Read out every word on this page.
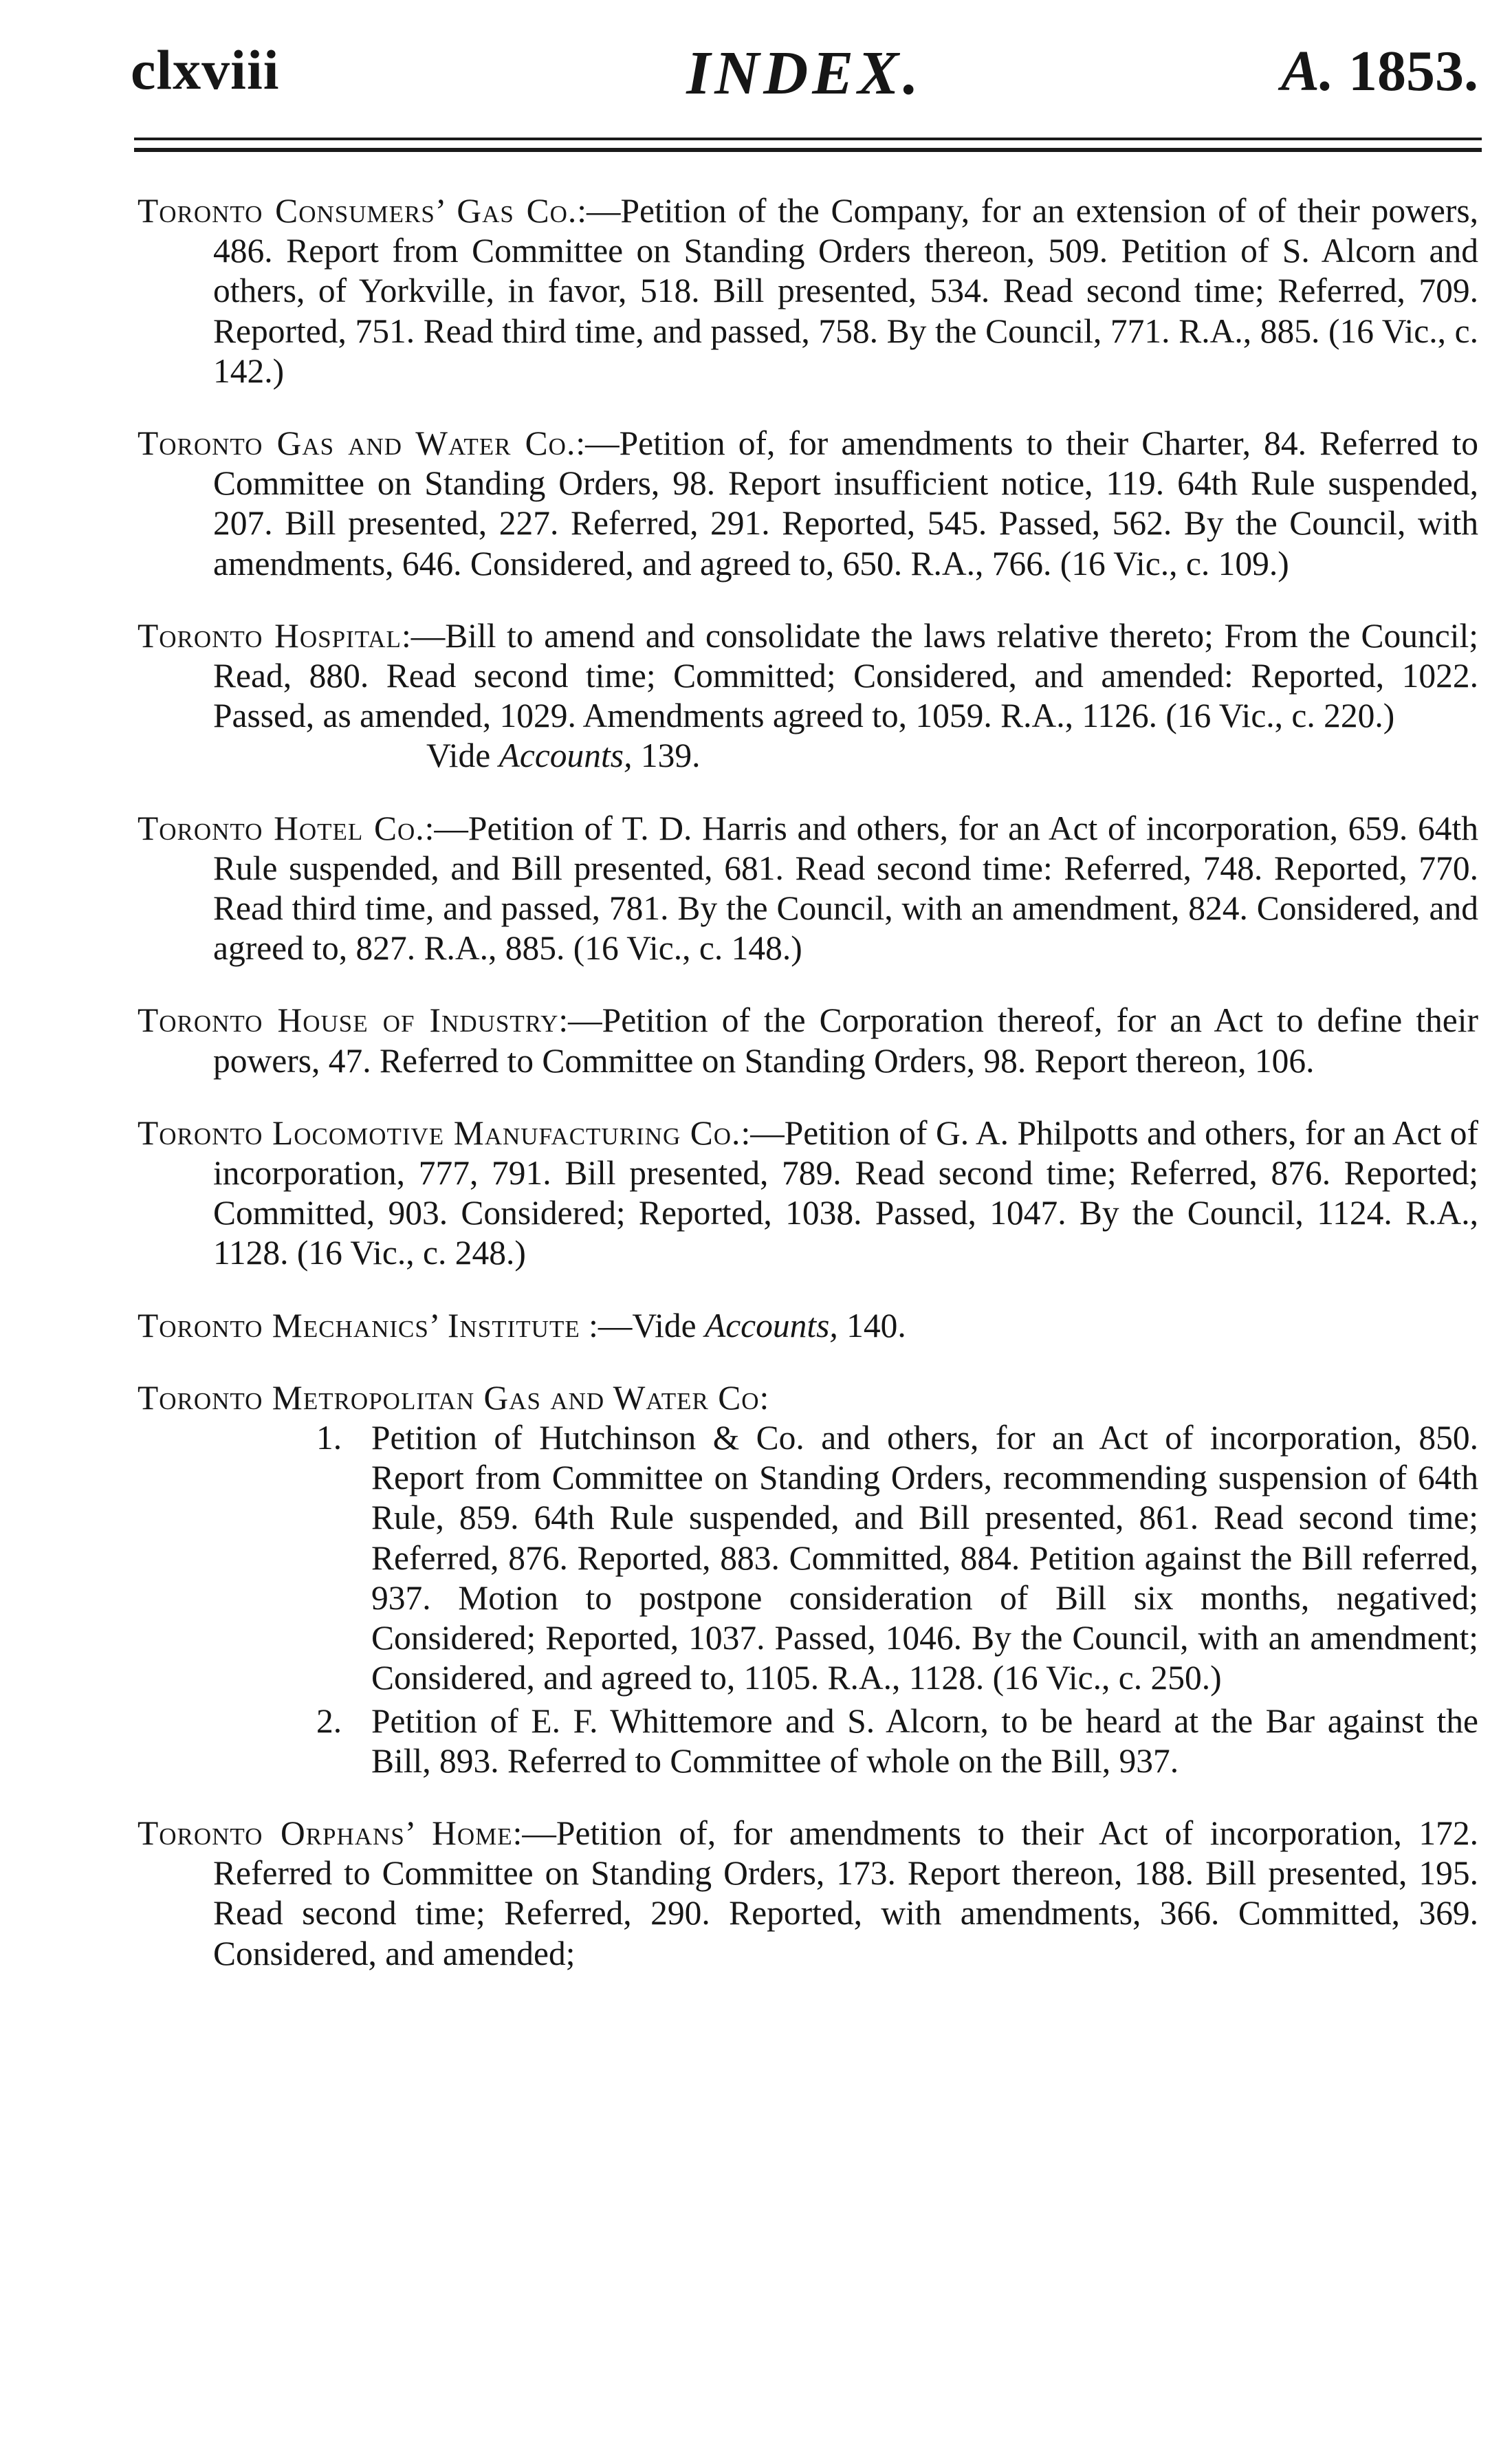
clxviii	INDEX.	A. 1853.

Toronto Consumers’ Gas Co.:—Petition of the Company, for an extension of of their powers, 486. Report from Committee on Standing Orders thereon, 509. Petition of S. Alcorn and others, of Yorkville, in favor, 518. Bill presented, 534. Read second time; Referred, 709. Reported, 751. Read third time, and passed, 758. By the Council, 771. R.A., 885. (16 Vic., c. 142.)

Toronto Gas and Water Co.:—Petition of, for amendments to their Charter, 84. Referred to Committee on Standing Orders, 98. Report insufficient notice, 119. 64th Rule suspended, 207. Bill presented, 227. Referred, 291. Reported, 545. Passed, 562. By the Council, with amendments, 646. Considered, and agreed to, 650. R.A., 766. (16 Vic., c. 109.)

Toronto Hospital:—Bill to amend and consolidate the laws relative thereto; From the Council; Read, 880. Read second time; Committed; Considered, and amended: Reported, 1022. Passed, as amended, 1029. Amendments agreed to, 1059. R.A., 1126. (16 Vic., c. 220.)

Vide Accounts, 139.

Toronto Hotel Co.:—Petition of T. D. Harris and others, for an Act of incorporation, 659. 64th Rule suspended, and Bill presented, 681. Read second time: Referred, 748. Reported, 770. Read third time, and passed, 781. By the Council, with an amendment, 824. Considered, and agreed to, 827. R.A., 885. (16 Vic., c. 148.)

Toronto House of Industry:—Petition of the Corporation thereof, for an Act to define their powers, 47. Referred to Committee on Standing Orders, 98. Report thereon, 106.

Toronto Locomotive Manufacturing Co.:—Petition of G. A. Philpotts and others, for an Act of incorporation, 777, 791. Bill presented, 789. Read second time; Referred, 876. Reported; Committed, 903. Considered; Reported, 1038. Passed, 1047. By the Council, 1124. R.A., 1128. (16 Vic., c. 248.)

Toronto Mechanics’ Institute :—Vide Accounts, 140.

Toronto Metropolitan Gas and Water Co:

1. Petition of Hutchinson & Co. and others, for an Act of incorporation, 850. Report from Committee on Standing Orders, recommending suspension of 64th Rule, 859. 64th Rule suspended, and Bill presented, 861. Read second time; Referred, 876. Reported, 883. Committed, 884. Petition against the Bill referred, 937. Motion to postpone consideration of Bill six months, negatived; Considered; Reported, 1037. Passed, 1046. By the Council, with an amendment; Considered, and agreed to, 1105. R.A., 1128. (16 Vic., c. 250.)

2. Petition of E. F. Whittemore and S. Alcorn, to be heard at the Bar against the Bill, 893. Referred to Committee of whole on the Bill, 937.

Toronto Orphans’ Home:—Petition of, for amendments to their Act of incorporation, 172. Referred to Committee on Standing Orders, 173. Report thereon, 188. Bill presented, 195. Read second time; Referred, 290. Reported, with amendments, 366. Committed, 369. Considered, and amended;
